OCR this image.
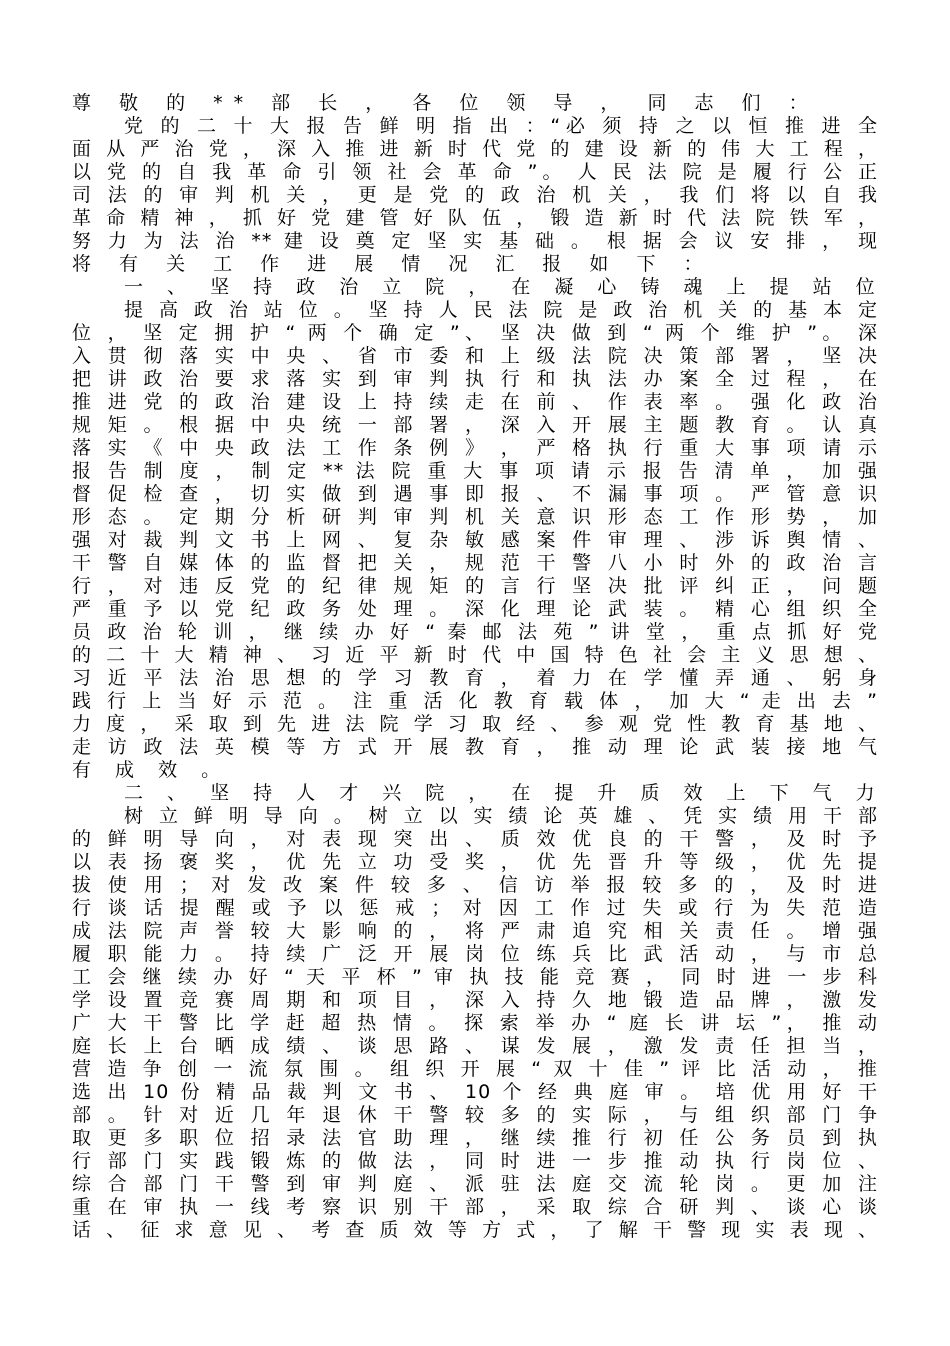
尊 敬 的 ** 部 长 ， 各 位 领 导 ， 同 志 们 ：
党 的 二 十 大 报 告 鲜 明 指 出 ：“必 须 持 之 以 恒 推 进 全
面 从 严 治 党 ， 深 入 推 进 新 时 代 党 的 建 设 新 的 伟 大 工 程 ，
以 党 的 自 我 革 命 引 领 社 会 革 命 ”。 人 民 法 院 是 履 行 公 正
司 法 的 审 判 机 关 ， 更 是 党 的 政 治 机 关 ， 我 们 将 以 自 我
革 命 精 神 ， 抓 好 党 建 管 好 队 伍 ， 锻 造 新 时 代 法 院 铁 军 ，
努 力 为 法 治 ** 建 设 奠 定 坚 实 基 础 。 根 据 会 议 安 排 ， 现
将 有 关 工 作 进 展 情 况 汇 报 如 下 ：
一 、 坚 持 政 治 立 院 ， 在 凝 心 铸 魂 上 提 站 位
提 高 政 治 站 位 。 坚 持 人 民 法 院 是 政 治 机 关 的 基 本 定
位 ， 坚 定 拥 护 “ 两 个 确 定 ”、 坚 决 做 到 “ 两 个 维 护 ”。 深
入 贯 彻 落 实 中 央 、 省 市 委 和 上 级 法 院 决 策 部 署 ， 坚 决
把 讲 政 治 要 求 落 实 到 审 判 执 行 和 执 法 办 案 全 过 程 ， 在
推 进 党 的 政 治 建 设 上 持 续 走 在 前 、 作 表 率 。 强 化 政 治
规 矩 。 根 据 中 央 统 一 部 署 ， 深 入 开 展 主 题 教 育 。 认 真
落 实 《 中 央 政 法 工 作 条 例 》 ， 严 格 执 行 重 大 事 项 请 示
报 告 制 度 ， 制 定 ** 法 院 重 大 事 项 请 示 报 告 清 单 ， 加 强
督 促 检 查 ， 切 实 做 到 遇 事 即 报 、 不 漏 事 项 。 严 管 意 识
形 态 。 定 期 分 析 研 判 审 判 机 关 意 识 形 态 工 作 形 势 ， 加
强 对 裁 判 文 书 上 网 、 复 杂 敏 感 案 件 审 理 、 涉 诉 舆 情 、
干 警 自 媒 体 的 监 督 把 关 ， 规 范 干 警 八 小 时 外 的 政 治 言
行 ， 对 违 反 党 的 纪 律 规 矩 的 言 行 坚 决 批 评 纠 正 ， 问 题
严 重 予 以 党 纪 政 务 处 理 。 深 化 理 论 武 装 。 精 心 组 织 全
员 政 治 轮 训 ， 继 续 办 好 “ 秦 邮 法 苑 ” 讲 堂 ， 重 点 抓 好 党
的 二 十 大 精 神 、 习 近 平 新 时 代 中 国 特 色 社 会 主 义 思 想 、
习 近 平 法 治 思 想 的 学 习 教 育 ， 着 力 在 学 懂 弄 通 、 躬 身
践 行 上 当 好 示 范 。 注 重 活 化 教 育 载 体 ， 加 大 “ 走 出 去 ”
力 度 ， 采 取 到 先 进 法 院 学 习 取 经 、 参 观 党 性 教 育 基 地 、
走 访 政 法 英 模 等 方 式 开 展 教 育 ， 推 动 理 论 武 装 接 地 气
有 成 效 。
二 、 坚 持 人 才 兴 院 ， 在 提 升 质 效 上 下 气 力
树 立 鲜 明 导 向 。 树 立 以 实 绩 论 英 雄 、 凭 实 绩 用 干 部
的 鲜 明 导 向 ， 对 表 现 突 出 、 质 效 优 良 的 干 警 ， 及 时 予
以 表 扬 褒 奖 ， 优 先 立 功 受 奖 ， 优 先 晋 升 等 级 ， 优 先 提
拔 使 用 ； 对 发 改 案 件 较 多 、 信 访 举 报 较 多 的 ， 及 时 进
行 谈 话 提 醒 或 予 以 惩 戒 ； 对 因 工 作 过 失 或 行 为 失 范 造
成 法 院 声 誉 较 大 影 响 的 ， 将 严 肃 追 究 相 关 责 任 。 增 强
履 职 能 力 。 持 续 广 泛 开 展 岗 位 练 兵 比 武 活 动 ， 与 市 总
工 会 继 续 办 好 “ 天 平 杯 ” 审 执 技 能 竞 赛 ， 同 时 进 一 步 科
学 设 置 竞 赛 周 期 和 项 目 ， 深 入 持 久 地 锻 造 品 牌 ， 激 发
广 大 干 警 比 学 赶 超 热 情 。 探 索 举 办 “ 庭 长 讲 坛 ”， 推 动
庭 长 上 台 晒 成 绩 、 谈 思 路 、 谋 发 展 ， 激 发 责 任 担 当 ，
营 造 争 创 一 流 氛 围 。 组 织 开 展 “ 双 十 佳 ” 评 比 活 动 ， 推
选 出 10 份 精 品 裁 判 文 书 、 10 个 经 典 庭 审 。 培 优 用 好 干
部 。 针 对 近 几 年 退 休 干 警 较 多 的 实 际 ， 与 组 织 部 门 争
取 更 多 职 位 招 录 法 官 助 理 ， 继 续 推 行 初 任 公 务 员 到 执
行 部 门 实 践 锻 炼 的 做 法 ， 同 时 进 一 步 推 动 执 行 岗 位 、
综 合 部 门 干 警 到 审 判 庭 、 派 驻 法 庭 交 流 轮 岗 。 更 加 注
重 在 审 执 一 线 考 察 识 别 干 部 ， 采 取 综 合 研 判 、 谈 心 谈
话 、 征 求 意 见 、 考 查 质 效 等 方 式 ， 了 解 干 警 现 实 表 现 、
